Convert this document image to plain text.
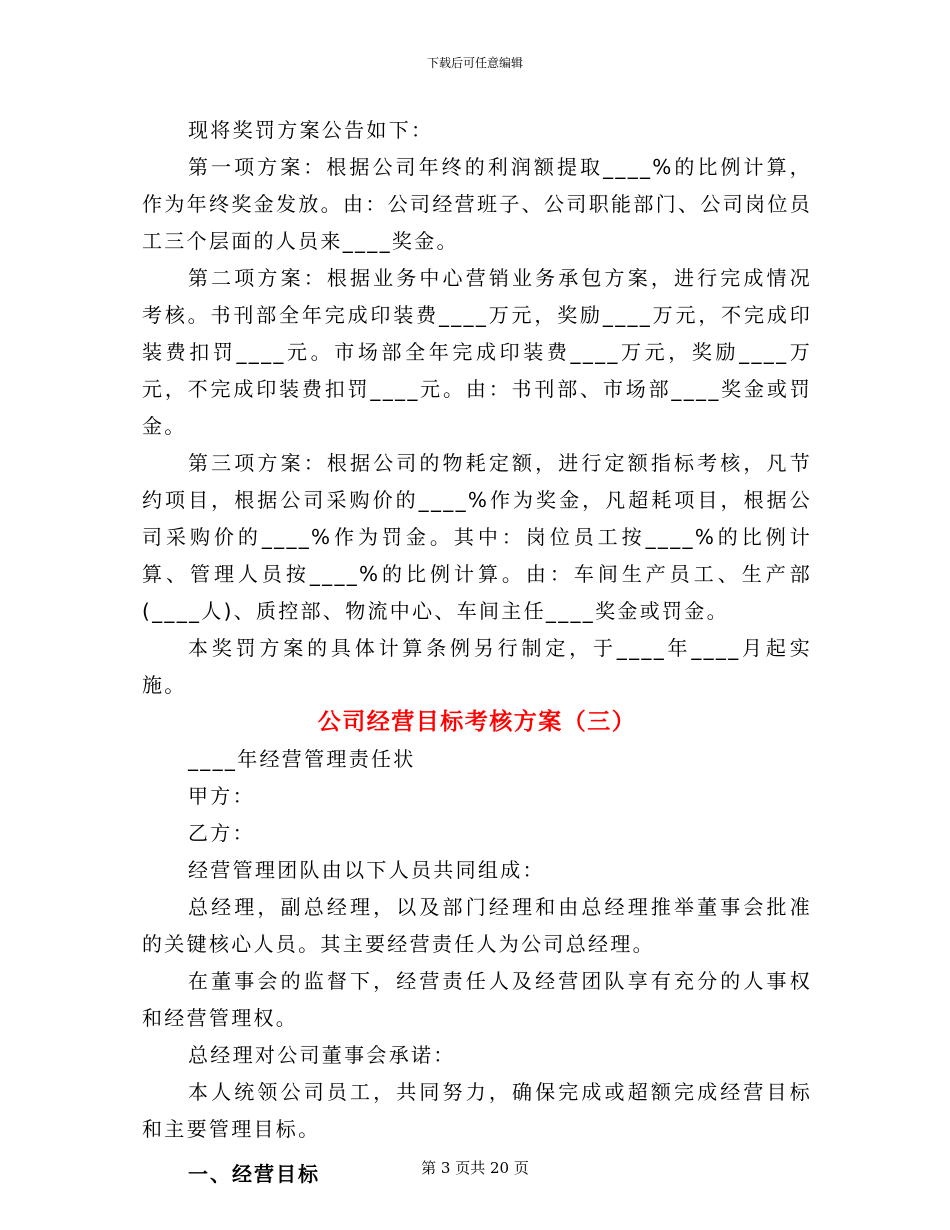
下载后可任意编辑

现将奖罚方案公告如下：

第一项方案：根据公司年终的利润额提取____%的比例计算，作为年终奖金发放。由：公司经营班子、公司职能部门、公司岗位员工三个层面的人员来____奖金。

第二项方案：根据业务中心营销业务承包方案，进行完成情况考核。书刊部全年完成印装费____万元，奖励____万元，不完成印装费扣罚____元。市场部全年完成印装费____万元，奖励____万元，不完成印装费扣罚____元。由：书刊部、市场部____奖金或罚金。

第三项方案：根据公司的物耗定额，进行定额指标考核，凡节约项目，根据公司采购价的____%作为奖金，凡超耗项目，根据公司采购价的____%作为罚金。其中：岗位员工按____%的比例计算、管理人员按____%的比例计算。由：车间生产员工、生产部(____人)、质控部、物流中心、车间主任____奖金或罚金。

本奖罚方案的具体计算条例另行制定，于____年____月起实施。

公司经营目标考核方案（三）

____年经营管理责任状

甲方：

乙方：

经营管理团队由以下人员共同组成：

总经理，副总经理，以及部门经理和由总经理推举董事会批准的关键核心人员。其主要经营责任人为公司总经理。

在董事会的监督下，经营责任人及经营团队享有充分的人事权和经营管理权。

总经理对公司董事会承诺：

本人统领公司员工，共同努力，确保完成或超额完成经营目标和主要管理目标。

一、经营目标	第 3 页共 20 页
